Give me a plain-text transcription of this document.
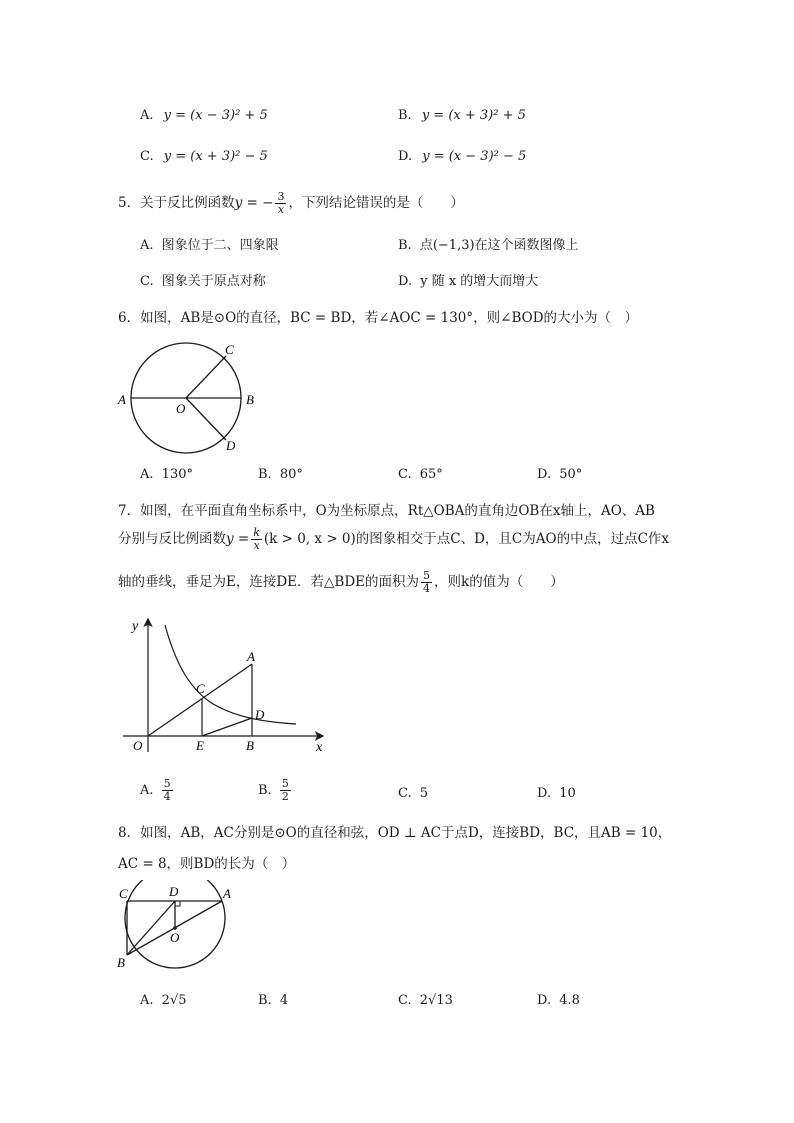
A. y = (x − 3)² + 5	B. y = (x + 3)² + 5
C. y = (x + 3)² − 5	D. y = (x − 3)² − 5
5．关于反比例函数y = − $\frac{3}{x}$ ，下列结论错误的是（　　）
A. 图象位于二、四象限	B. 点(−1,3)在这个函数图像上
C. 图象关于原点对称	D. y 随 x 的增大而增大
6．如图，AB是⊙O的直径，BC = BD，若∠AOC = 130°，则∠BOD的大小为（　）
A	B
C
D
O
A. 130°	B. 80°	C. 65°	D. 50°
7．如图，在平面直角坐标系中，O为坐标原点，Rt△OBA的直角边OB在x轴上，AO、AB
分别与反比例函数$y = \frac{k}{x} (k > 0$, x > 0)的图象相交于点C、D，且C为AO的中点，过点C作x
轴的垂线，垂足为E，连接DE．若△BDE的面积为 $\frac{5}{4}$ ，则k的值为（　　）
y
x
O
A
C
D
E	B
A. $\frac{5}{4}$	B. $\frac{5}{2}$	C. 5	D. 10
8．如图，AB，AC分别是⊙O的直径和弦，OD ⊥ AC于点D，连接BD，BC，且AB = 10，
AC = 8，则BD的长为（　）
C	D	A
O
B
A. 2√5	B. 4	C. 2√13	D. 4.8
